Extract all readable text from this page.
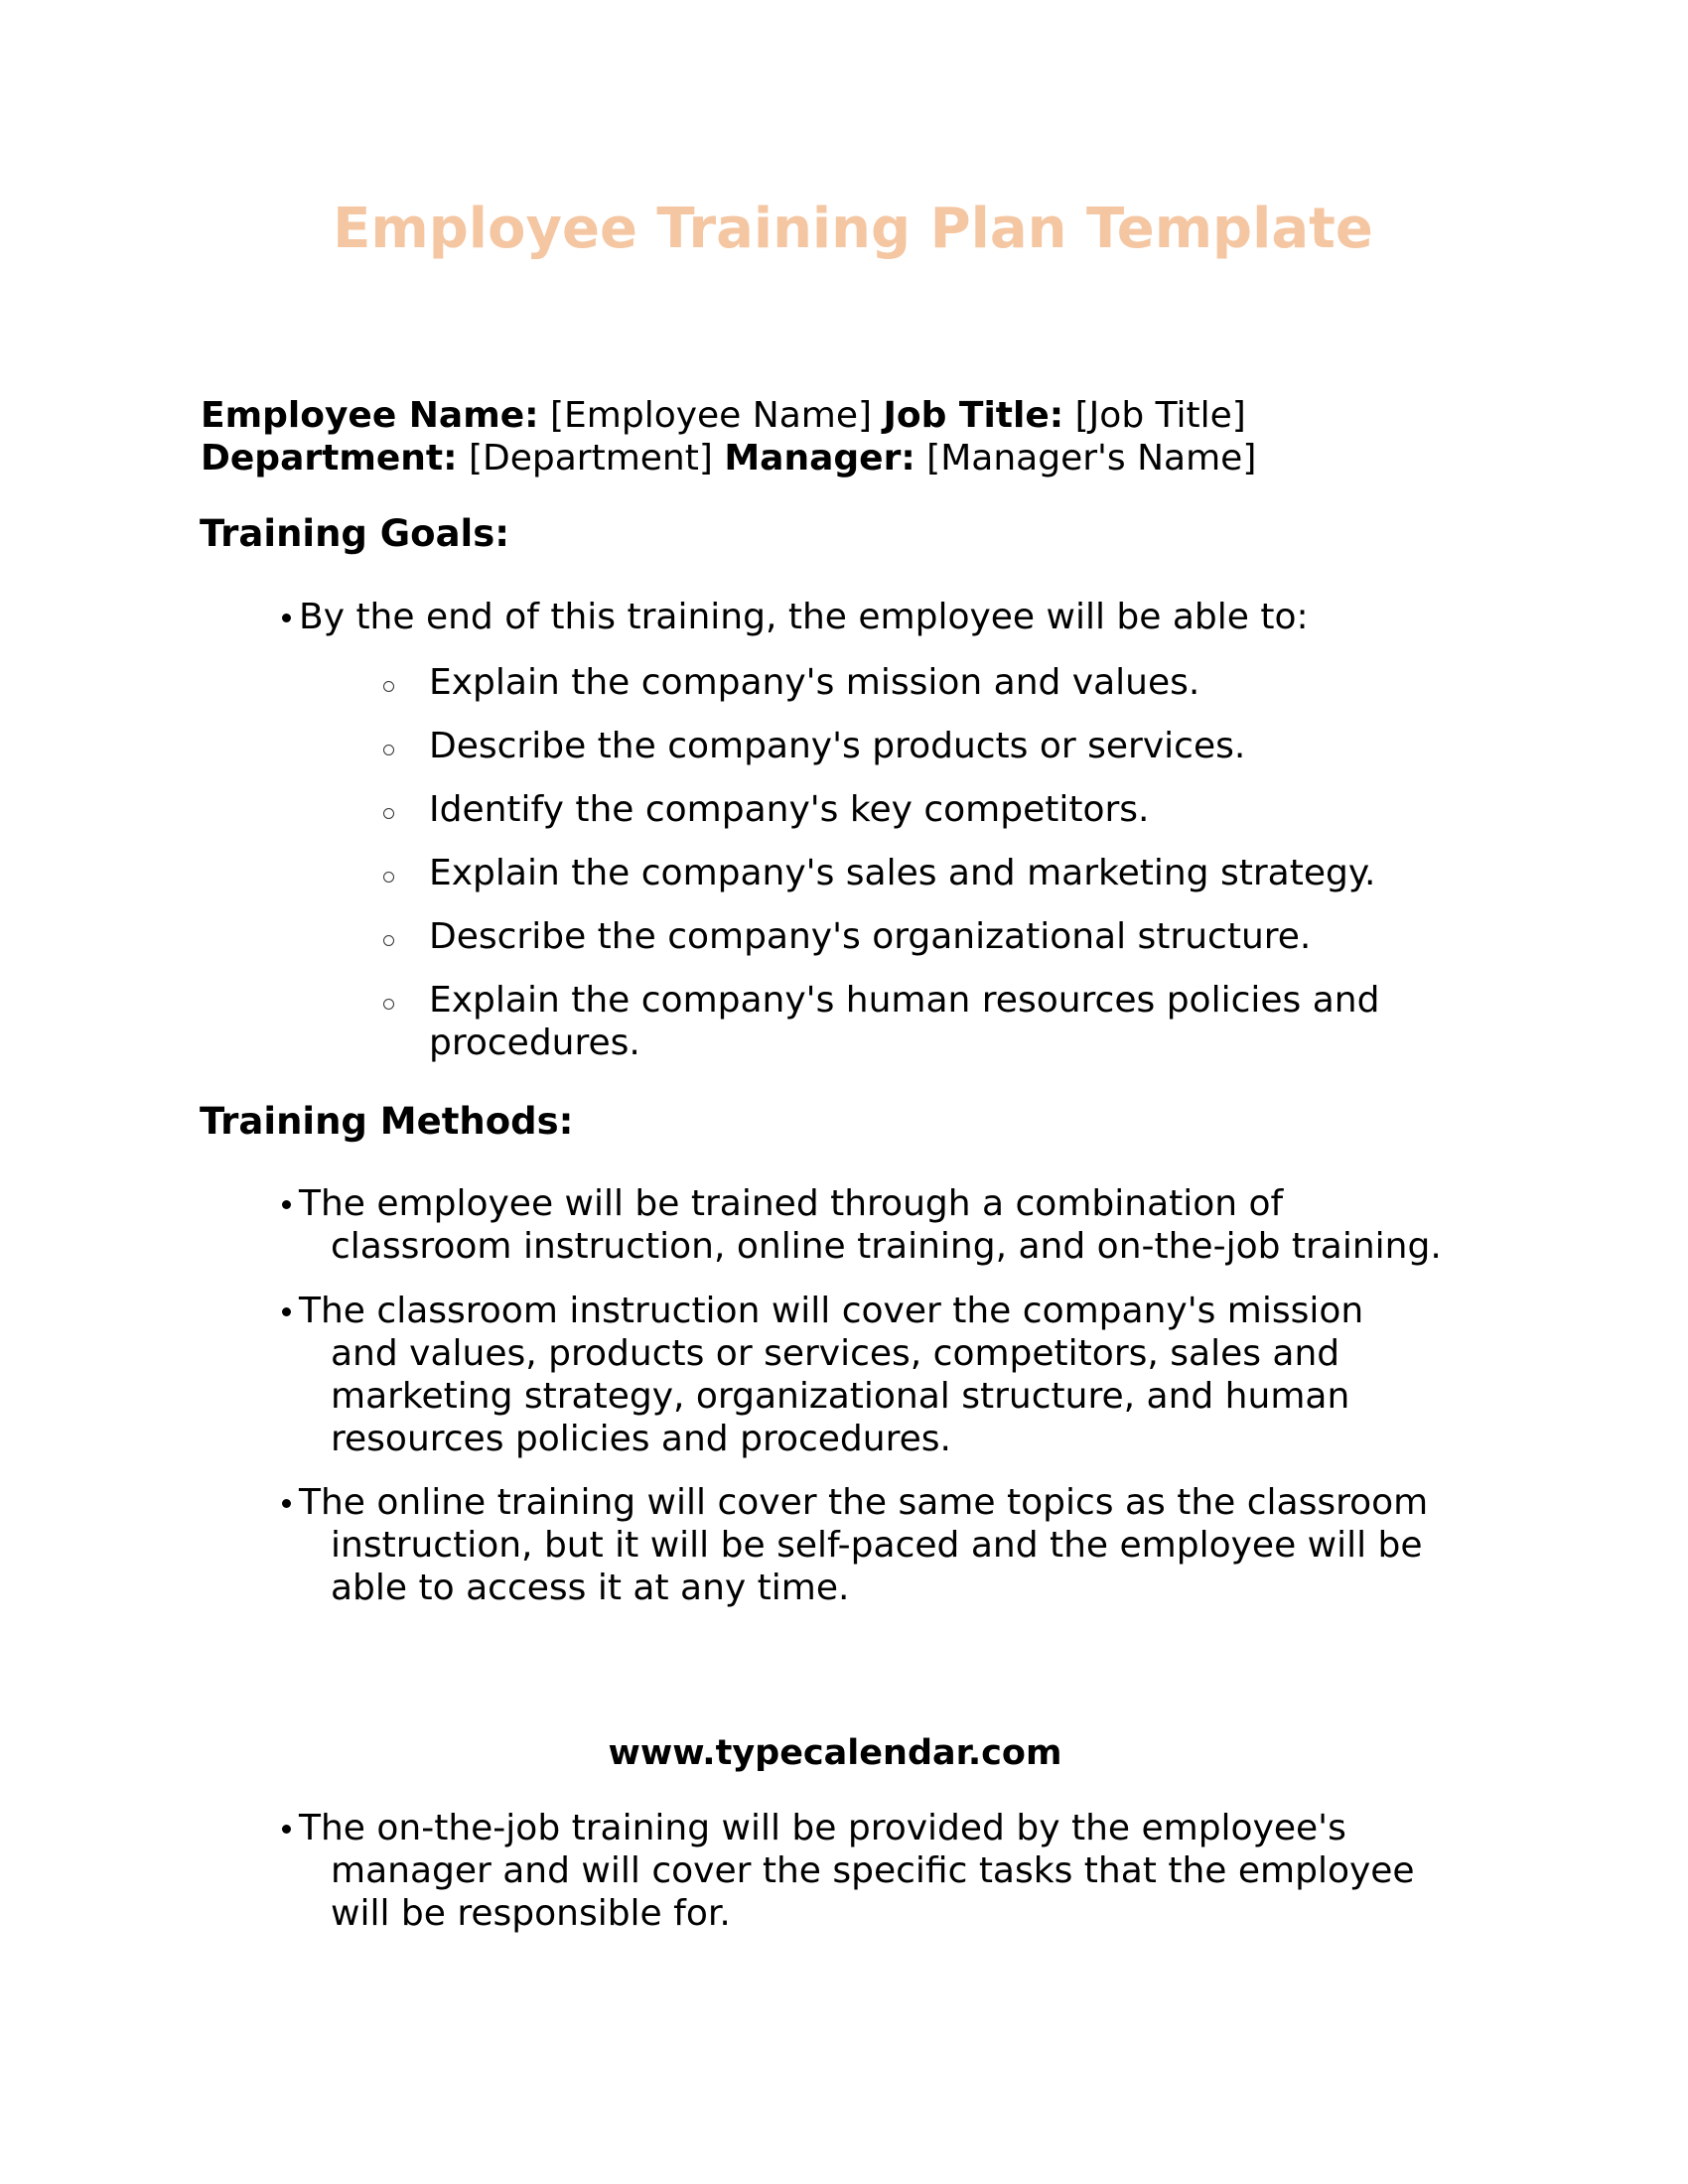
Employee Training Plan Template
Employee Name: [Employee Name] Job Title: [Job Title]
Department: [Department] Manager: [Manager's Name]
Training Goals:
By the end of this training, the employee will be able to:
Explain the company's mission and values.
Describe the company's products or services.
Identify the company's key competitors.
Explain the company's sales and marketing strategy.
Describe the company's organizational structure.
Explain the company's human resources policies and
procedures.
Training Methods:
The employee will be trained through a combination of
classroom instruction, online training, and on-the-job training.
The classroom instruction will cover the company's mission
and values, products or services, competitors, sales and
marketing strategy, organizational structure, and human
resources policies and procedures.
The online training will cover the same topics as the classroom
instruction, but it will be self-paced and the employee will be
able to access it at any time.
www.typecalendar.com
The on-the-job training will be provided by the employee's
manager and will cover the specific tasks that the employee
will be responsible for.
